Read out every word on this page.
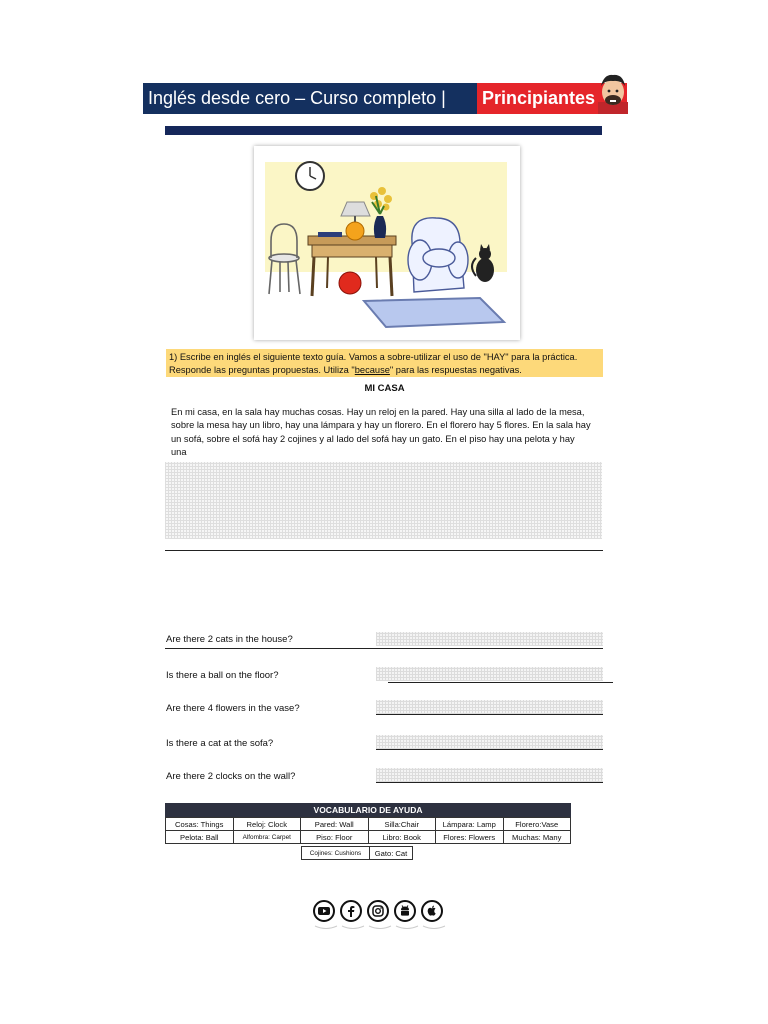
Inglés desde cero – Curso completo |	Principiantes
1) Escribe en inglés el siguiente texto guía. Vamos a sobre-utilizar el uso de "HAY" para la práctica. Responde las preguntas propuestas. Utiliza "because" para las respuestas negativas.
MI CASA
En mi casa, en la sala hay muchas cosas. Hay un reloj en la pared. Hay una silla al lado de la mesa, sobre la mesa hay un libro, hay una lámpara y hay un florero. En el florero hay 5 flores. En la sala hay un sofá, sobre el sofá hay 2 cojines y al lado del sofá hay un gato. En el piso hay una pelota y hay una
Are there 2 cats in the house?
Is there a ball on the floor?
Are there 4 flowers in the vase?
Is there a cat at the sofa?
Are there 2 clocks on the wall?
VOCABULARIO DE AYUDA
Cosas: Things	Reloj: Clock	Pared: Wall	Silla:Chair	Lámpara: Lamp	Florero:Vase
Pelota: Ball	Alfombra: Carpet	Piso: Floor	Libro: Book	Flores: Flowers	Muchas: Many
Cojines: Cushions	Gato: Cat
